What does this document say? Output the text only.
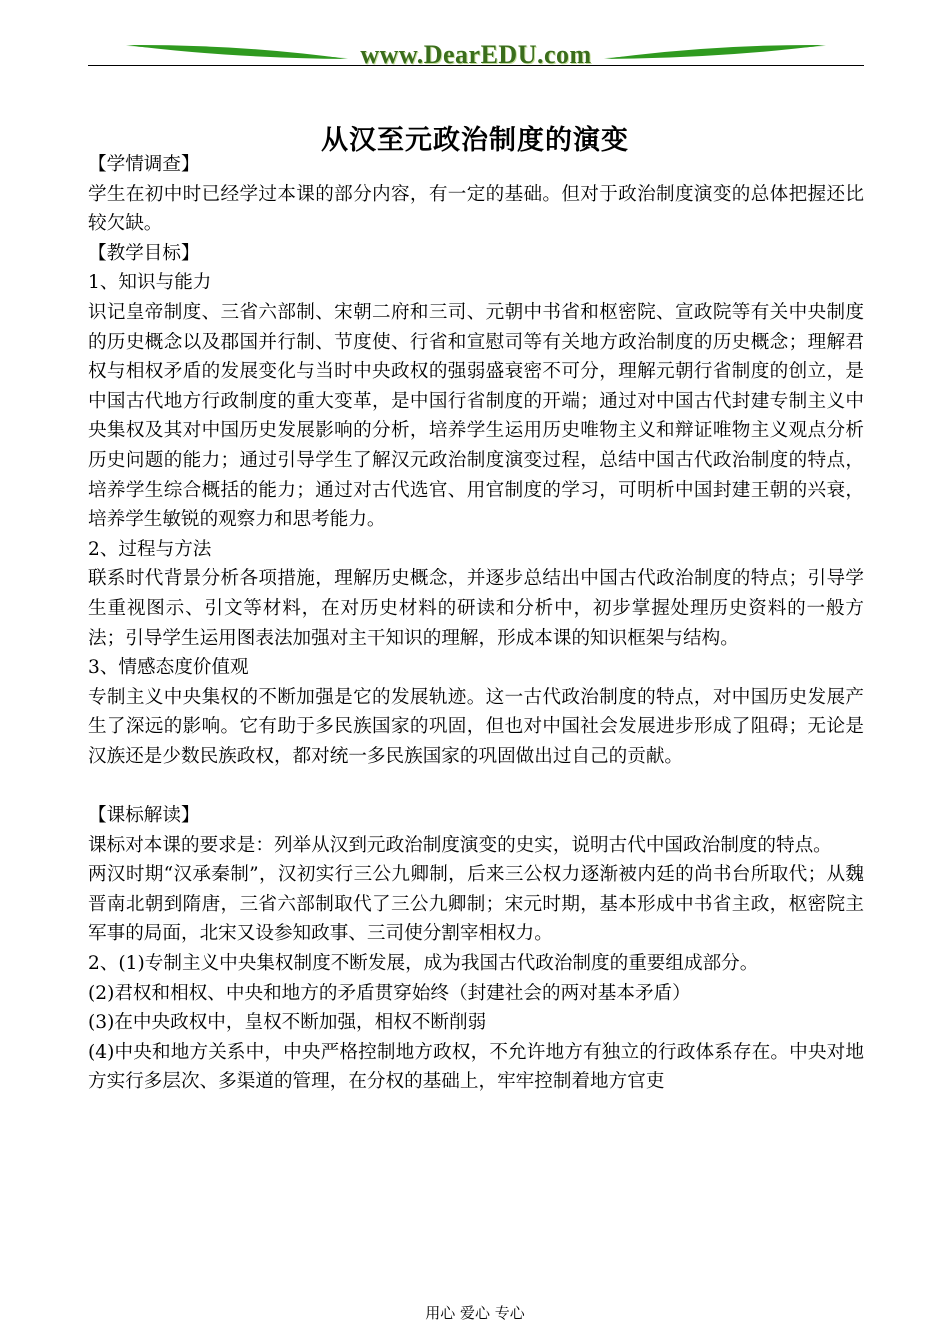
www.DearEDU.com
从汉至元政治制度的演变

【学情调查】

学生在初中时已经学过本课的部分内容，有一定的基础。但对于政治制度演变的总体把握还比较欠缺。

【教学目标】

1、知识与能力

识记皇帝制度、三省六部制、宋朝二府和三司、元朝中书省和枢密院、宣政院等有关中央制度的历史概念以及郡国并行制、节度使、行省和宣慰司等有关地方政治制度的历史概念；理解君权与相权矛盾的发展变化与当时中央政权的强弱盛衰密不可分，理解元朝行省制度的创立，是中国古代地方行政制度的重大变革，是中国行省制度的开端；通过对中国古代封建专制主义中央集权及其对中国历史发展影响的分析，培养学生运用历史唯物主义和辩证唯物主义观点分析历史问题的能力；通过引导学生了解汉元政治制度演变过程，总结中国古代政治制度的特点，培养学生综合概括的能力；通过对古代选官、用官制度的学习，可明析中国封建王朝的兴衰，培养学生敏锐的观察力和思考能力。

2、过程与方法

联系时代背景分析各项措施，理解历史概念，并逐步总结出中国古代政治制度的特点；引导学生重视图示、引文等材料，在对历史材料的研读和分析中，初步掌握处理历史资料的一般方法；引导学生运用图表法加强对主干知识的理解，形成本课的知识框架与结构。

3、情感态度价值观

专制主义中央集权的不断加强是它的发展轨迹。这一古代政治制度的特点，对中国历史发展产生了深远的影响。它有助于多民族国家的巩固，但也对中国社会发展进步形成了阻碍；无论是汉族还是少数民族政权，都对统一多民族国家的巩固做出过自己的贡献。

【课标解读】

课标对本课的要求是：列举从汉到元政治制度演变的史实，说明古代中国政治制度的特点。

两汉时期“汉承秦制”，汉初实行三公九卿制，后来三公权力逐渐被内廷的尚书台所取代；从魏晋南北朝到隋唐，三省六部制取代了三公九卿制；宋元时期，基本形成中书省主政，枢密院主军事的局面，北宋又设参知政事、三司使分割宰相权力。

2、(1)专制主义中央集权制度不断发展，成为我国古代政治制度的重要组成部分。

(2)君权和相权、中央和地方的矛盾贯穿始终（封建社会的两对基本矛盾）

(3)在中央政权中，皇权不断加强，相权不断削弱

(4)中央和地方关系中，中央严格控制地方政权，不允许地方有独立的行政体系存在。中央对地方实行多层次、多渠道的管理，在分权的基础上，牢牢控制着地方官吏

用心 爱心 专心
